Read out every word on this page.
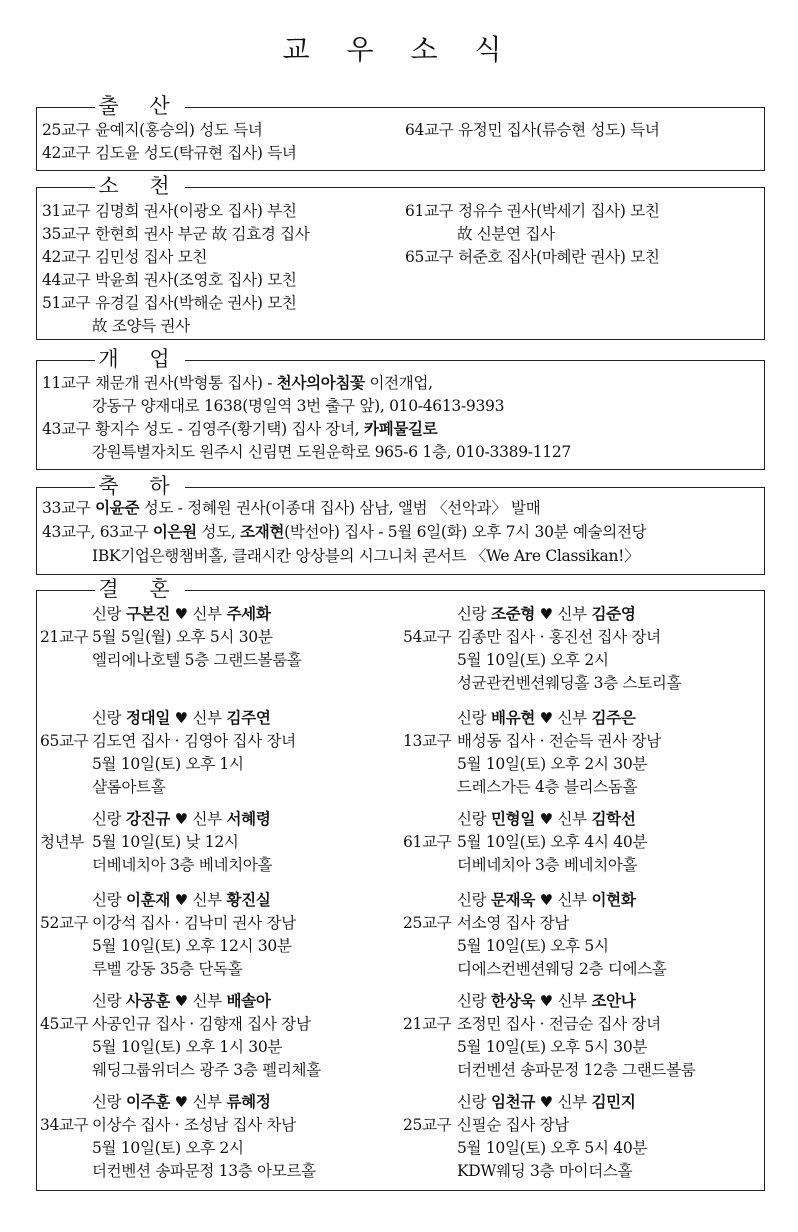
교 우 소 식
출 산
25교구 윤예지(홍승의) 성도 득녀
42교구 김도윤 성도(탁규현 집사) 득녀
64교구 유정민 집사(류승현 성도) 득녀
소 천
31교구 김명희 권사(이광오 집사) 부친
35교구 한현희 권사 부군 故 김효경 집사
42교구 김민성 집사 모친
44교구 박윤희 권사(조영호 집사) 모친
51교구 유경길 집사(박해순 권사) 모친
故 조양득 권사
61교구 정유수 권사(박세기 집사) 모친
故 신분연 집사
65교구 허준호 집사(마혜란 권사) 모친
개 업
11교구 채문개 권사(박형통 집사) - 천사의아침꽃 이전개업,
강동구 양재대로 1638(명일역 3번 출구 앞), 010-4613-9393
43교구 황지수 성도 - 김영주(황기택) 집사 장녀, 카페물길로
강원특별자치도 원주시 신림면 도원운학로 965-6 1층, 010-3389-1127
축 하
33교구 이윤준 성도 - 정혜원 권사(이종대 집사) 삼남, 앨범 〈선악과〉 발매
43교구, 63교구 이은원 성도, 조재현(박선아) 집사 - 5월 6일(화) 오후 7시 30분 예술의전당
IBK기업은행챔버홀, 클래시칸 앙상블의 시그니처 콘서트 〈We Are Classikan!〉
결 혼
신랑 구본진 ♥ 신부 주세화
21교구 5월 5일(월) 오후 5시 30분
엘리에나호텔 5층 그랜드볼룸홀
신랑 조준형 ♥ 신부 김준영
54교구 김종만 집사 · 홍진선 집사 장녀
5월 10일(토) 오후 2시
성균관컨벤션웨딩홀 3층 스토리홀
신랑 정대일 ♥ 신부 김주연
65교구 김도연 집사 · 김영아 집사 장녀
5월 10일(토) 오후 1시
샬롬아트홀
신랑 배유현 ♥ 신부 김주은
13교구 배성동 집사 · 전순득 권사 장남
5월 10일(토) 오후 2시 30분
드레스가든 4층 블리스돔홀
신랑 강진규 ♥ 신부 서혜령
청년부 5월 10일(토) 낮 12시
더베네치아 3층 베네치아홀
신랑 민형일 ♥ 신부 김학선
61교구 5월 10일(토) 오후 4시 40분
더베네치아 3층 베네치아홀
신랑 이훈재 ♥ 신부 황진실
52교구 이강석 집사 · 김낙미 권사 장남
5월 10일(토) 오후 12시 30분
루벨 강동 35층 단독홀
신랑 문재욱 ♥ 신부 이현화
25교구 서소영 집사 장남
5월 10일(토) 오후 5시
디에스컨벤션웨딩 2층 디에스홀
신랑 사공훈 ♥ 신부 배솔아
45교구 사공인규 집사 · 김향재 집사 장남
5월 10일(토) 오후 1시 30분
웨딩그룹위더스 광주 3층 펠리체홀
신랑 한상욱 ♥ 신부 조안나
21교구 조정민 집사 · 전금순 집사 장녀
5월 10일(토) 오후 5시 30분
더컨벤션 송파문정 12층 그랜드볼룸
신랑 이주훈 ♥ 신부 류혜정
34교구 이상수 집사 · 조성남 집사 차남
5월 10일(토) 오후 2시
더컨벤션 송파문정 13층 아모르홀
신랑 임천규 ♥ 신부 김민지
25교구 신필순 집사 장남
5월 10일(토) 오후 5시 40분
KDW웨딩 3층 마이더스홀
